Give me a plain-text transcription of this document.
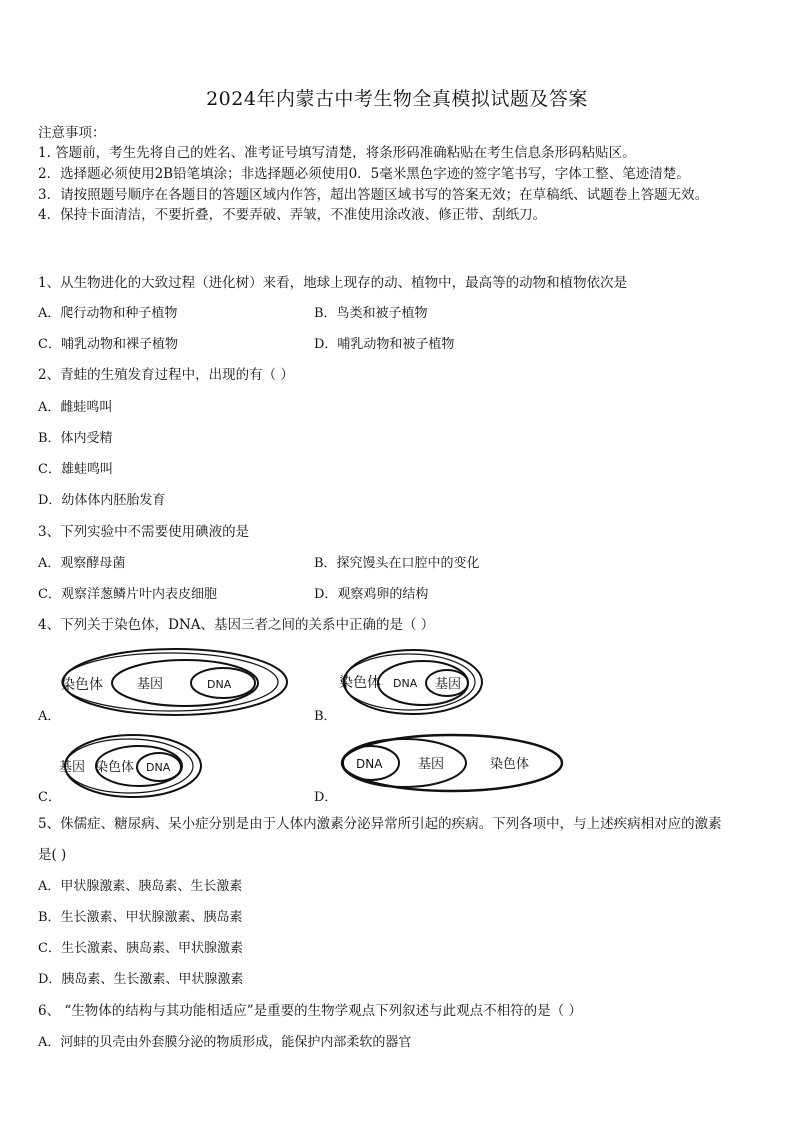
2024年内蒙古中考生物全真模拟试题及答案
注意事项：
1. 答题前，考生先将自己的姓名、准考证号填写清楚，将条形码准确粘贴在考生信息条形码粘贴区。
2．选择题必须使用2B铅笔填涂；非选择题必须使用0．5毫米黑色字迹的签字笔书写，字体工整、笔迹清楚。
3．请按照题号顺序在各题目的答题区域内作答，超出答题区域书写的答案无效；在草稿纸、试题卷上答题无效。
4．保持卡面清洁，不要折叠，不要弄破、弄皱，不准使用涂改液、修正带、刮纸刀。
1、从生物进化的大致过程（进化树）来看，地球上现存的动、植物中，最高等的动物和植物依次是
A．爬行动物和种子植物	B．鸟类和被子植物
C．哺乳动物和裸子植物	D．哺乳动物和被子植物
2、青蛙的生殖发育过程中，出现的有（ ）
A．雌蛙鸣叫
B．体内受精
C．雄蛙鸣叫
D．幼体体内胚胎发育
3、下列实验中不需要使用碘液的是
A．观察酵母菌	B．探究馒头在口腔中的变化
C．观察洋葱鳞片叶内表皮细胞	D．观察鸡卵的结构
4、下列关于染色体，DNA、基因三者之间的关系中正确的是（ ）
染色体	基因	DNA
A．
染色体 DNA 基因
B．
基因 染色体 DNA
C．
DNA	基因	染色体
D．
5、侏儒症、糖尿病、呆小症分别是由于人体内激素分泌异常所引起的疾病。下列各项中，与上述疾病相对应的激素
是( )
A．甲状腺激素、胰岛素、生长激素
B．生长激素、甲状腺激素、胰岛素
C．生长激素、胰岛素、甲状腺激素
D．胰岛素、生长激素、甲状腺激素
6、 “生物体的结构与其功能相适应”是重要的生物学观点下列叙述与此观点不相符的是（ ）
A．河蚌的贝壳由外套膜分泌的物质形成，能保护内部柔软的器官
